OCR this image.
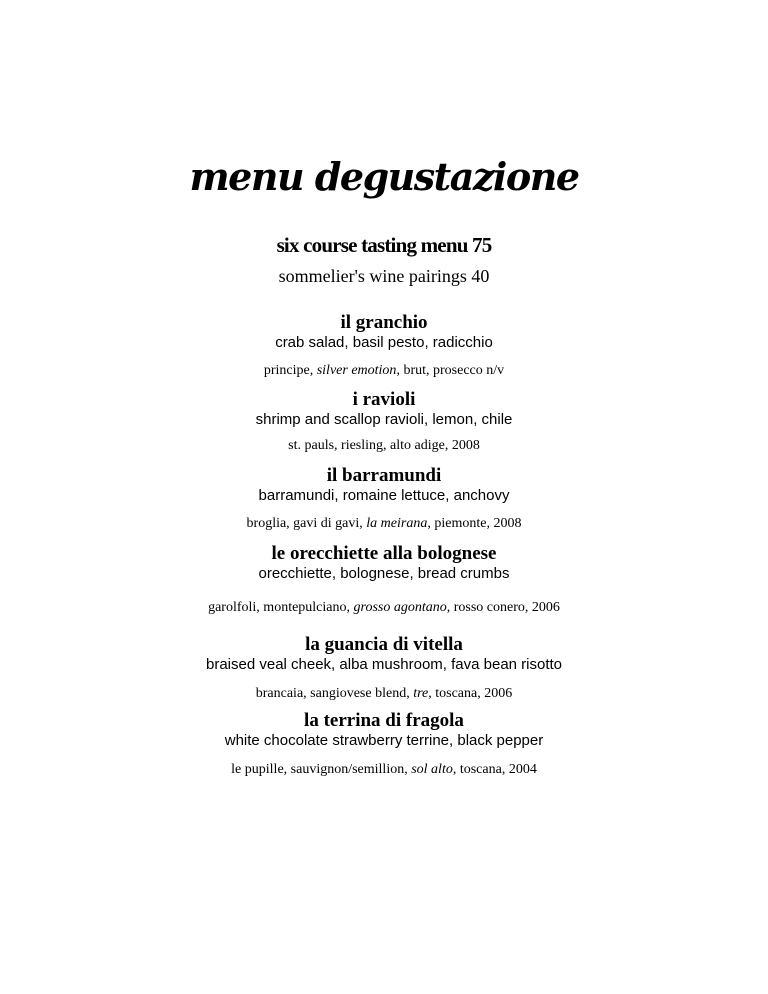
menu degustazione
six course tasting menu 75
sommelier's wine pairings 40
il granchio
crab salad, basil pesto, radicchio
principe, silver emotion, brut, prosecco n/v
i ravioli
shrimp and scallop ravioli, lemon, chile
st. pauls, riesling, alto adige, 2008
il barramundi
barramundi, romaine lettuce, anchovy
broglia, gavi di gavi, la meirana, piemonte, 2008
le orecchiette alla bolognese
orecchiette, bolognese, bread crumbs
garolfoli, montepulciano, grosso agontano, rosso conero, 2006
la guancia di vitella
braised veal cheek, alba mushroom, fava bean risotto
brancaia, sangiovese blend, tre, toscana, 2006
la terrina di fragola
white chocolate strawberry terrine, black pepper
le pupille, sauvignon/semillion, sol alto, toscana, 2004
